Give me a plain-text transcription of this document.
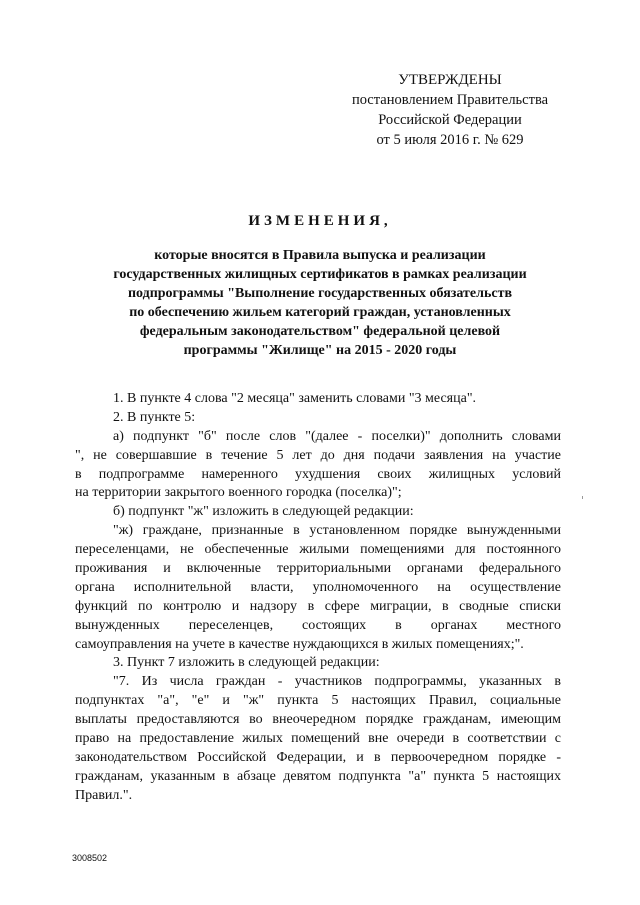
УТВЕРЖДЕНЫ
постановлением Правительства
Российской Федерации
от 5 июля 2016 г. № 629
ИЗМЕНЕНИЯ,
которые вносятся в Правила выпуска и реализации
государственных жилищных сертификатов в рамках реализации
подпрограммы "Выполнение государственных обязательств
по обеспечению жильем категорий граждан, установленных
федеральным законодательством" федеральной целевой
программы "Жилище" на 2015 - 2020 годы
1. В пункте 4 слова "2 месяца" заменить словами "3 месяца".
2. В пункте 5:
а) подпункт "б" после слов "(далее - поселки)" дополнить словами
", не совершавшие в течение 5 лет до дня подачи заявления на участие
в подпрограмме намеренного ухудшения своих жилищных условий
на территории закрытого военного городка (поселка)";
б) подпункт "ж" изложить в следующей редакции:
"ж) граждане, признанные в установленном порядке вынужденными
переселенцами, не обеспеченные жилыми помещениями для постоянного
проживания и включенные территориальными органами федерального
органа исполнительной власти, уполномоченного на осуществление
функций по контролю и надзору в сфере миграции, в сводные списки
вынужденных переселенцев, состоящих в органах местного
самоуправления на учете в качестве нуждающихся в жилых помещениях;".
3. Пункт 7 изложить в следующей редакции:
"7. Из числа граждан - участников подпрограммы, указанных в
подпунктах "а", "е" и "ж" пункта 5 настоящих Правил, социальные
выплаты предоставляются во внеочередном порядке гражданам, имеющим
право на предоставление жилых помещений вне очереди в соответствии с
законодательством Российской Федерации, и в первоочередном порядке -
гражданам, указанным в абзаце девятом подпункта "а" пункта 5 настоящих
Правил.".
3008502
